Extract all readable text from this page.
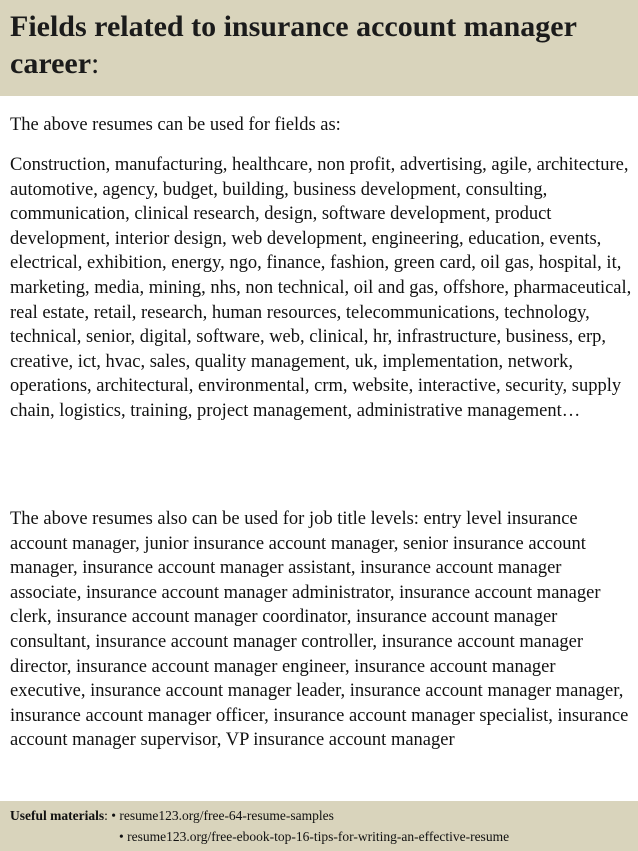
Fields related to insurance account manager career:

The above resumes can be used for fields as:

Construction, manufacturing, healthcare, non profit, advertising, agile, architecture, automotive, agency, budget, building, business development, consulting, communication, clinical research, design, software development, product development, interior design, web development, engineering, education, events, electrical, exhibition, energy, ngo, finance, fashion, green card, oil gas, hospital, it, marketing, media, mining, nhs, non technical, oil and gas, offshore, pharmaceutical, real estate, retail, research, human resources, telecommunications, technology, technical, senior, digital, software, web, clinical, hr, infrastructure, business, erp, creative, ict, hvac, sales, quality management, uk, implementation, network, operations, architectural, environmental, crm, website, interactive, security, supply chain, logistics, training, project management, administrative management…

The above resumes also can be used for job title levels: entry level insurance account manager, junior insurance account manager, senior insurance account manager, insurance account manager assistant, insurance account manager associate, insurance account manager administrator, insurance account manager clerk, insurance account manager coordinator, insurance account manager consultant, insurance account manager controller, insurance account manager director, insurance account manager engineer, insurance account manager executive, insurance account manager leader, insurance account manager manager, insurance account manager officer, insurance account manager specialist, insurance account manager supervisor, VP insurance account manager

Useful materials: • resume123.org/free-64-resume-samples
• resume123.org/free-ebook-top-16-tips-for-writing-an-effective-resume
